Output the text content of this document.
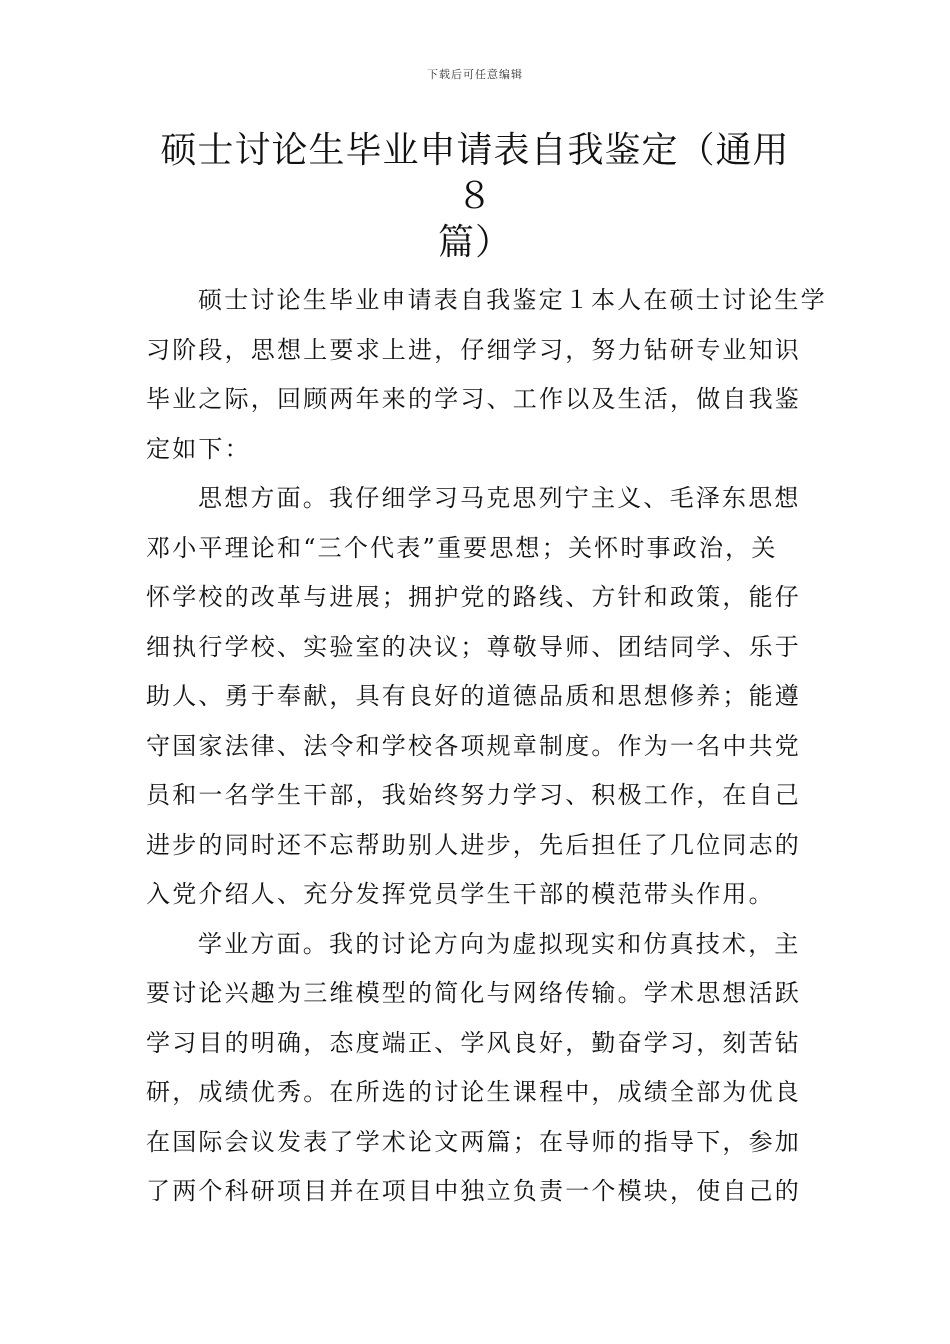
下载后可任意编辑
硕士讨论生毕业申请表自我鉴定（通用８
篇）
硕士讨论生毕业申请表自我鉴定１本人在硕士讨论生学
习阶段，思想上要求上进，仔细学习，努力钻研专业知识
毕业之际，回顾两年来的学习、工作以及生活，做自我鉴
定如下：
思想方面。我仔细学习马克思列宁主义、毛泽东思想
邓小平理论和“三个代表”重要思想；关怀时事政治，关
怀学校的改革与进展；拥护党的路线、方针和政策，能仔
细执行学校、实验室的决议；尊敬导师、团结同学、乐于
助人、勇于奉献，具有良好的道德品质和思想修养；能遵
守国家法律、法令和学校各项规章制度。作为一名中共党
员和一名学生干部，我始终努力学习、积极工作，在自己
进步的同时还不忘帮助别人进步，先后担任了几位同志的
入党介绍人、充分发挥党员学生干部的模范带头作用。
学业方面。我的讨论方向为虚拟现实和仿真技术，主
要讨论兴趣为三维模型的简化与网络传输。学术思想活跃
学习目的明确，态度端正、学风良好，勤奋学习，刻苦钻
研，成绩优秀。在所选的讨论生课程中，成绩全部为优良
在国际会议发表了学术论文两篇；在导师的指导下，参加
了两个科研项目并在项目中独立负责一个模块，使自己的
